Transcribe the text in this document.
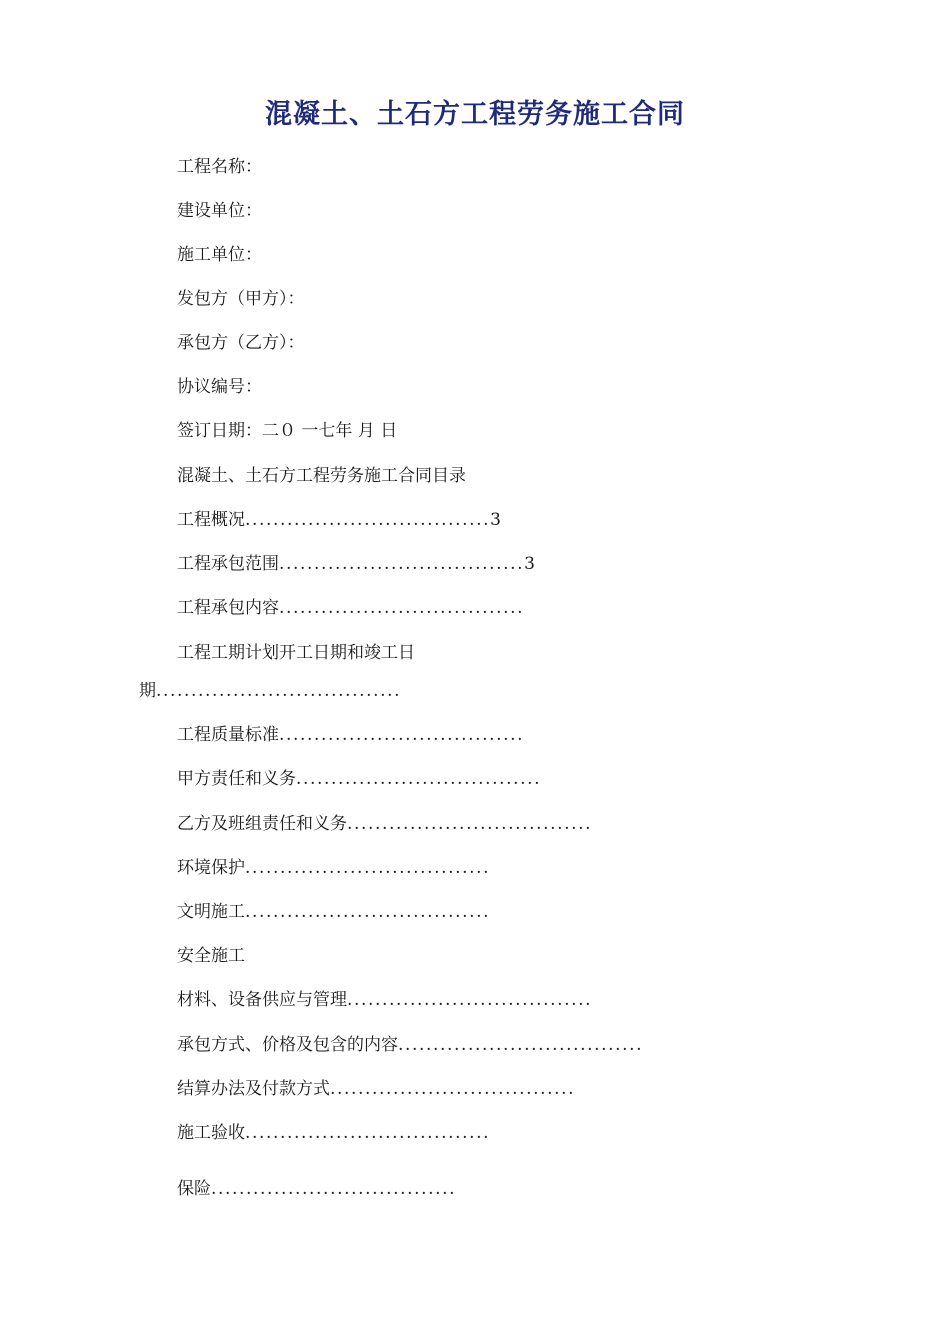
混凝土、土石方工程劳务施工合同
工程名称：
建设单位：
施工单位：
发包方（甲方）：
承包方（乙方）：
协议编号：
签订日期：二０ 一七年 月 日
混凝土、土石方工程劳务施工合同目录
工程概况...................................3
工程承包范围...................................3
工程承包内容...................................
工程工期计划开工日期和竣工日
期...................................
工程质量标准...................................
甲方责任和义务...................................
乙方及班组责任和义务...................................
环境保护...................................
文明施工...................................
安全施工
材料、设备供应与管理...................................
承包方式、价格及包含的内容...................................
结算办法及付款方式...................................
施工验收...................................
保险...................................
